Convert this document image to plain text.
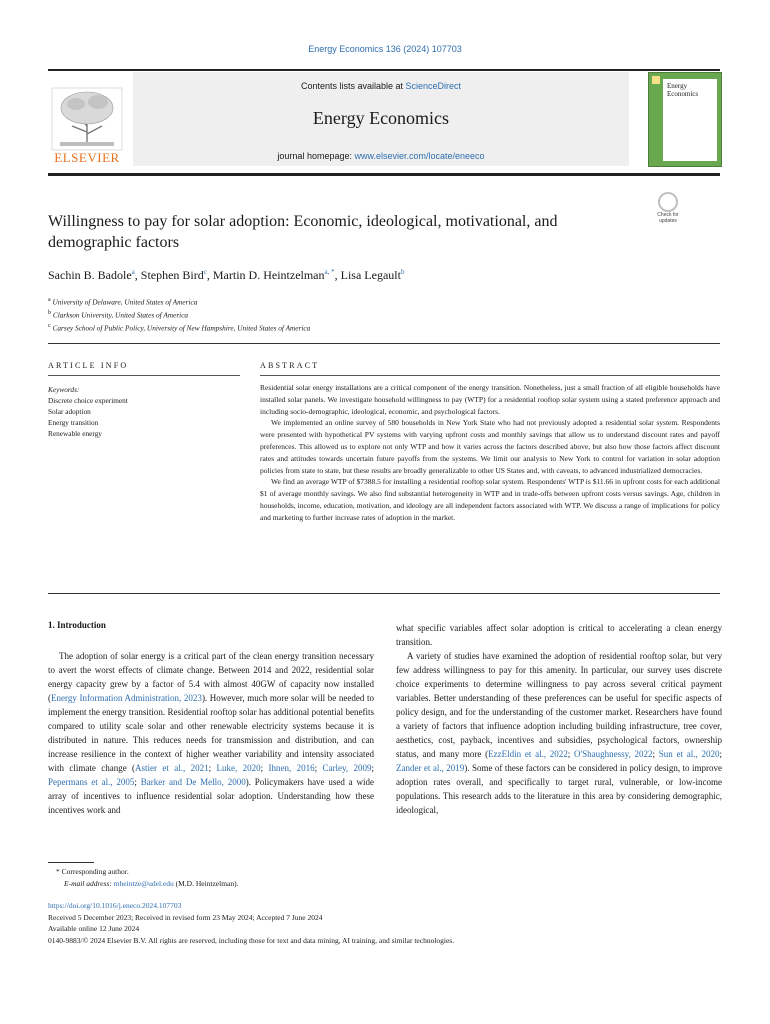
Energy Economics 136 (2024) 107703
ELSEVIER
Contents lists available at ScienceDirect
Energy Economics
journal homepage: www.elsevier.com/locate/eneeco
Energy
Economics
Willingness to pay for solar adoption: Economic, ideological, motivational, and demographic factors
Check for updates
Sachin B. Badole$^a$, Stephen Bird$^c$, Martin D. Heintzelman$^{a, *}$, Lisa Legault$^b$
$^a$ University of Delaware, United States of America
$^b$ Clarkson University, United States of America
$^c$ Carsey School of Public Policy, University of New Hampshire, United States of America
ARTICLE INFO	ABSTRACT
Keywords:
Discrete choice experiment
Solar adoption
Energy transition
Renewable energy

Residential solar energy installations are a critical component of the energy transition. Nonetheless, just a small fraction of all eligible households have installed solar panels. We investigate household willingness to pay (WTP) for a residential rooftop solar system using a stated preference approach and including socio-demographic, ideological, economic, and psychological factors.

We implemented an online survey of 580 households in New York State who had not previously adopted a residential solar system. Respondents were presented with hypothetical PV systems with varying upfront costs and monthly savings that allow us to understand discount rates and payoff preferences. This allowed us to explore not only WTP and how it varies across the factors described above, but also how those factors affect discount rates and attitudes towards uncertain future payoffs from the systems. We limit our analysis to New York to control for variation in solar adoption policies from state to state, but these results are broadly generalizable to other US States and, with caveats, to advanced industrialized democracies.

We find an average WTP of $7388.5 for installing a residential rooftop solar system. Respondents' WTP is $11.66 in upfront costs for each additional $1 of average monthly savings. We also find substantial heterogeneity in WTP and in trade-offs between upfront costs versus savings. Age, children in households, income, education, motivation, and ideology are all independent factors associated with WTP. We discuss a range of implications for policy and marketing to further increase rates of adoption in the market.

1. Introduction

The adoption of solar energy is a critical part of the clean energy transition necessary to avert the worst effects of climate change. Between 2014 and 2022, residential solar energy capacity grew by a factor of 5.4 with almost 40GW of capacity now installed (Energy Information Administration, 2023). However, much more solar will be needed to implement the energy transition. Residential rooftop solar has additional potential benefits compared to utility scale solar and other renewable electricity systems because it is distributed in nature. This reduces needs for transmission and distribution, and can increase resilience in the context of higher weather variability and intensity associated with climate change (Astier et al., 2021; Luke, 2020; Ihnen, 2016; Carley, 2009; Pepermans et al., 2005; Barker and De Mello, 2000). Policymakers have used a wide array of incentives to influence residential solar adoption. Understanding how these incentives work and

what specific variables affect solar adoption is critical to accelerating a clean energy transition.

A variety of studies have examined the adoption of residential rooftop solar, but very few address willingness to pay for this amenity. In particular, our survey uses discrete choice experiments to determine willingness to pay across several critical payment variables. Better understanding of these preferences can be useful for specific aspects of policy design, and for the understanding of the customer market. Researchers have found a variety of factors that influence adoption including building infrastructure, tree cover, aesthetics, cost, payback, incentives and subsidies, psychological factors, ownership status, and many more (EzzEldin et al., 2022; O'Shaughnessy, 2022; Sun et al., 2020; Zander et al., 2019). Some of these factors can be considered in policy design, to improve adoption rates overall, and specifically to target rural, vulnerable, or low-income populations. This research adds to the literature in this area by considering demographic, ideological,

* Corresponding author.
E-mail address: mheintze@udel.edu (M.D. Heintzelman).
https://doi.org/10.1016/j.eneco.2024.107703
Received 5 December 2023; Received in revised form 23 May 2024; Accepted 7 June 2024
Available online 12 June 2024
0140-9883/© 2024 Elsevier B.V. All rights are reserved, including those for text and data mining, AI training, and similar technologies.
